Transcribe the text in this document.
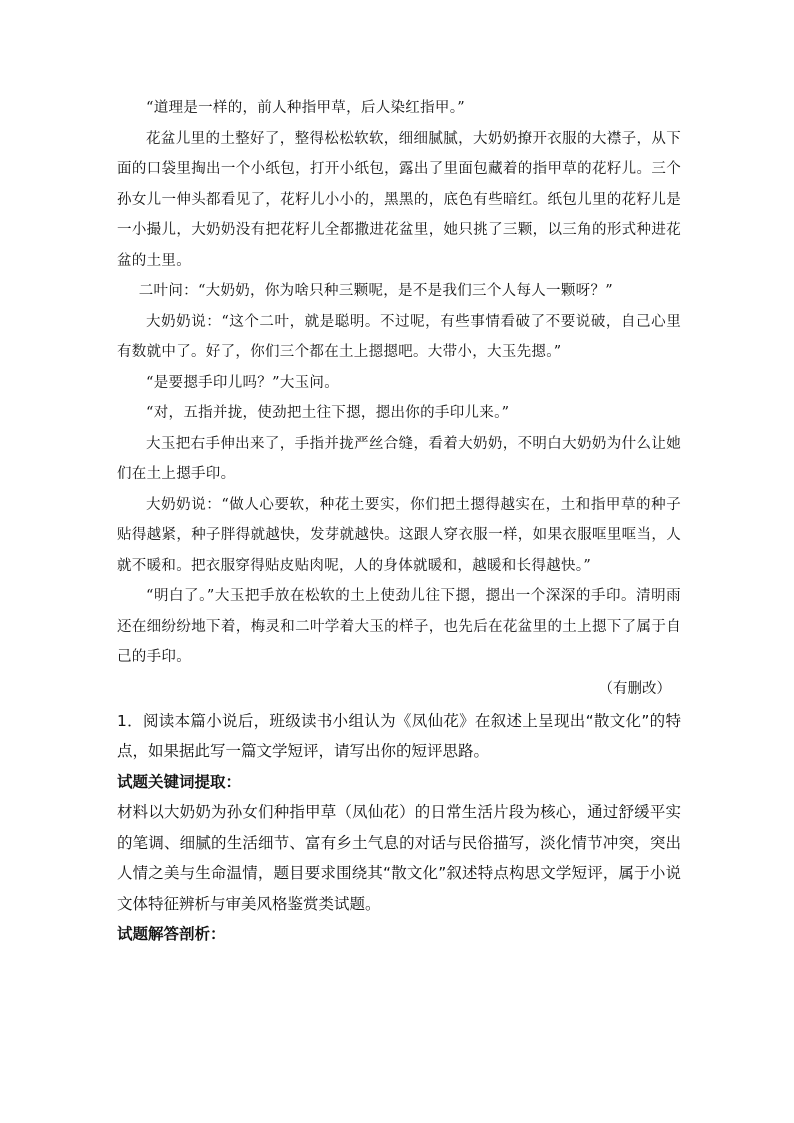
“道理是一样的，前人种指甲草，后人染红指甲。”

花盆儿里的土整好了，整得松松软软，细细腻腻，大奶奶撩开衣服的大襟子，从下面的口袋里掏出一个小纸包，打开小纸包，露出了里面包藏着的指甲草的花籽儿。三个孙女儿一伸头都看见了，花籽儿小小的，黑黑的，底色有些暗红。纸包儿里的花籽儿是一小撮儿，大奶奶没有把花籽儿全都撒进花盆里，她只挑了三颗，以三角的形式种进花盆的土里。

二叶问：“大奶奶，你为啥只种三颗呢，是不是我们三个人每人一颗呀？”

大奶奶说：“这个二叶，就是聪明。不过呢，有些事情看破了不要说破，自己心里有数就中了。好了，你们三个都在土上摁摁吧。大带小，大玉先摁。”

“是要摁手印儿吗？”大玉问。

“对，五指并拢，使劲把土往下摁，摁出你的手印儿来。”

大玉把右手伸出来了，手指并拢严丝合缝，看着大奶奶，不明白大奶奶为什么让她们在土上摁手印。

大奶奶说：“做人心要软，种花土要实，你们把土摁得越实在，土和指甲草的种子贴得越紧，种子胖得就越快，发芽就越快。这跟人穿衣服一样，如果衣服哐里哐当，人就不暖和。把衣服穿得贴皮贴肉呢，人的身体就暖和，越暖和长得越快。”

“明白了。”大玉把手放在松软的土上使劲儿往下摁，摁出一个深深的手印。清明雨还在细纷纷地下着，梅灵和二叶学着大玉的样子，也先后在花盆里的土上摁下了属于自己的手印。

（有删改）
1．阅读本篇小说后，班级读书小组认为《凤仙花》在叙述上呈现出“散文化”的特点，如果据此写一篇文学短评，请写出你的短评思路。
试题关键词提取：

材料以大奶奶为孙女们种指甲草（凤仙花）的日常生活片段为核心，通过舒缓平实的笔调、细腻的生活细节、富有乡土气息的对话与民俗描写，淡化情节冲突，突出人情之美与生命温情，题目要求围绕其“散文化”叙述特点构思文学短评，属于小说文体特征辨析与审美风格鉴赏类试题。

试题解答剖析：
